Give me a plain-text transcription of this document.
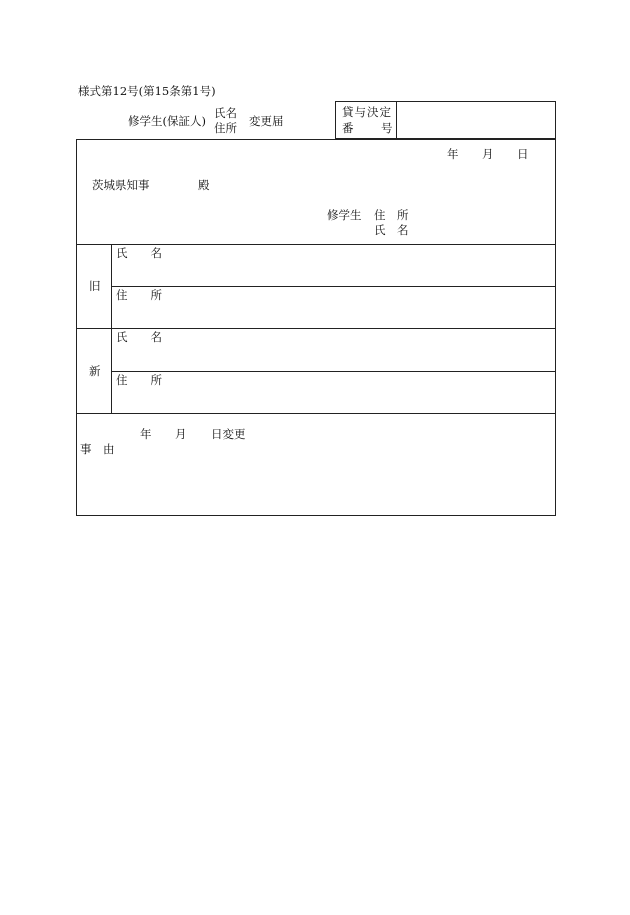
様式第12号(第15条第1号)
修学生(保証人)
氏名
住所 変更届
貸与決定
番 号
年 月 日
茨城県知事	殿
修学生 住　所
氏　名
旧
氏　　名
住　　所
新
氏　　名
住　　所
年 月 日変更
事　由
